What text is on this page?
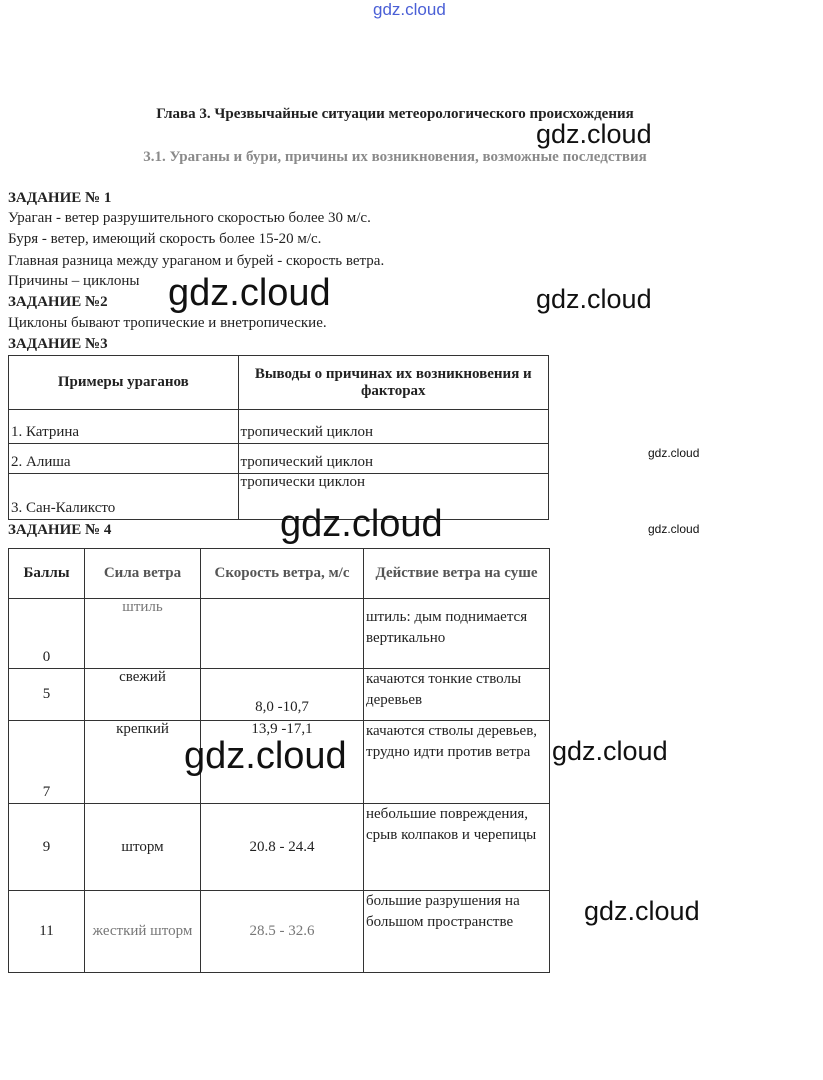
gdz.cloud
Глава 3. Чрезвычайные ситуации метеорологического происхождения
3.1. Ураганы и бури, причины их возникновения, возможные последствия
ЗАДАНИЕ № 1
Ураган - ветер разрушительного скоростью более 30 м/с.
Буря - ветер, имеющий скорость более 15-20 м/с.
Главная разница между ураганом и бурей - скорость ветра.
Причины – циклоны
ЗАДАНИЕ №2
Циклоны бывают тропические и внетропические.
ЗАДАНИЕ №3
Примеры ураганов	Выводы о причинах их возникновения и факторах
1. Катрина	тропический циклон
2. Алиша	тропический циклон
3. Сан-Каликсто	тропически циклон
ЗАДАНИЕ № 4
Баллы	Сила ветра	Скорость ветра, м/с	Действие ветра на суше
0	штиль		штиль: дым поднимается вертикально
5	свежий	8,0 -10,7	качаются тонкие стволы деревьев
7	крепкий	13,9 -17,1	качаются стволы деревьев, трудно идти против ветра
9	шторм	20.8 - 24.4	небольшие повреждения, срыв колпаков и черепицы
11	жесткий шторм	28.5 - 32.6	большие разрушения на большом пространстве
gdz.cloud
gdz.cloud	gdz.cloud
gdz.cloud
gdz.cloud	gdz.cloud
gdz.cloud	gdz.cloud
gdz.cloud
